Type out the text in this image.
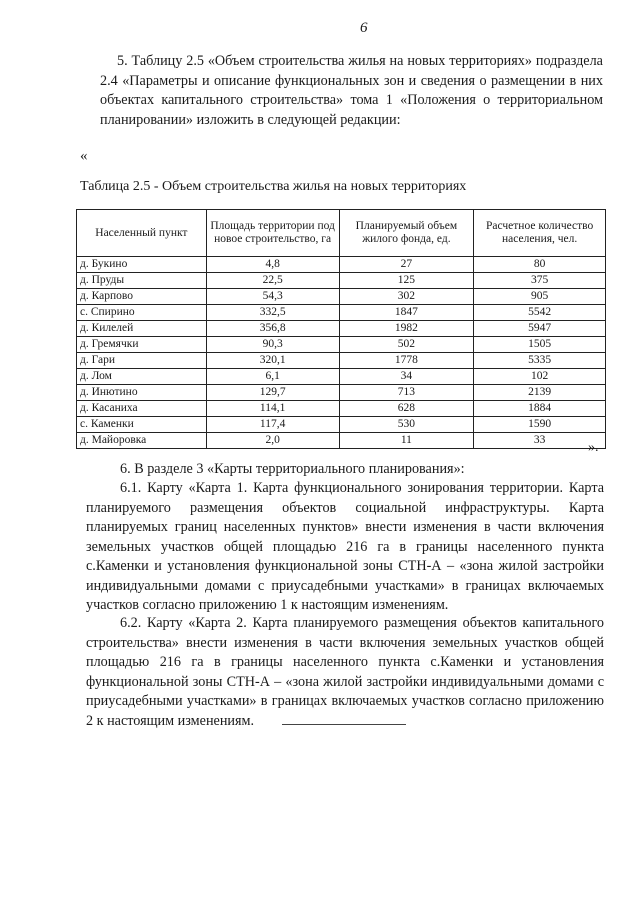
6
5. Таблицу 2.5 «Объем строительства жилья на новых территориях» подраздела 2.4 «Параметры и описание функциональных зон и сведения о размещении в них объектах капитального строительства» тома 1 «Положения о территориальном планировании» изложить в следующей редакции:
«
Таблица 2.5 - Объем строительства жилья на новых территориях
Населенный пункт	Площадь территории под новое строительство, га	Планируемый объем жилого фонда, ед.	Расчетное количество населения, чел.
д. Букино	4,8	27	80
д. Пруды	22,5	125	375
д. Карпово	54,3	302	905
с. Спирино	332,5	1847	5542
д. Килелей	356,8	1982	5947
д. Гремячки	90,3	502	1505
д. Гари	320,1	1778	5335
д. Лом	6,1	34	102
д. Инютино	129,7	713	2139
д. Касаниха	114,1	628	1884
с. Каменки	117,4	530	1590
д. Майоровка	2,0	11	33	».
6. В разделе 3 «Карты территориального планирования»:
6.1. Карту «Карта 1. Карта функционального зонирования территории. Карта планируемого размещения объектов социальной инфраструктуры. Карта планируемых границ населенных пунктов» внести изменения в части включения земельных участков общей площадью 216 га в границы населенного пункта с.Каменки и установления функциональной зоны СТН-А – «зона жилой застройки индивидуальными домами с приусадебными участками» в границах включаемых участков согласно приложению 1 к настоящим изменениям.
6.2. Карту «Карта 2. Карта планируемого размещения объектов капитального строительства» внести изменения в части включения земельных участков общей площадью 216 га в границы населенного пункта с.Каменки и установления функциональной зоны СТН-А – «зона жилой застройки индивидуальными домами с приусадебными участками» в границах включаемых участков согласно приложению 2 к настоящим изменениям.
